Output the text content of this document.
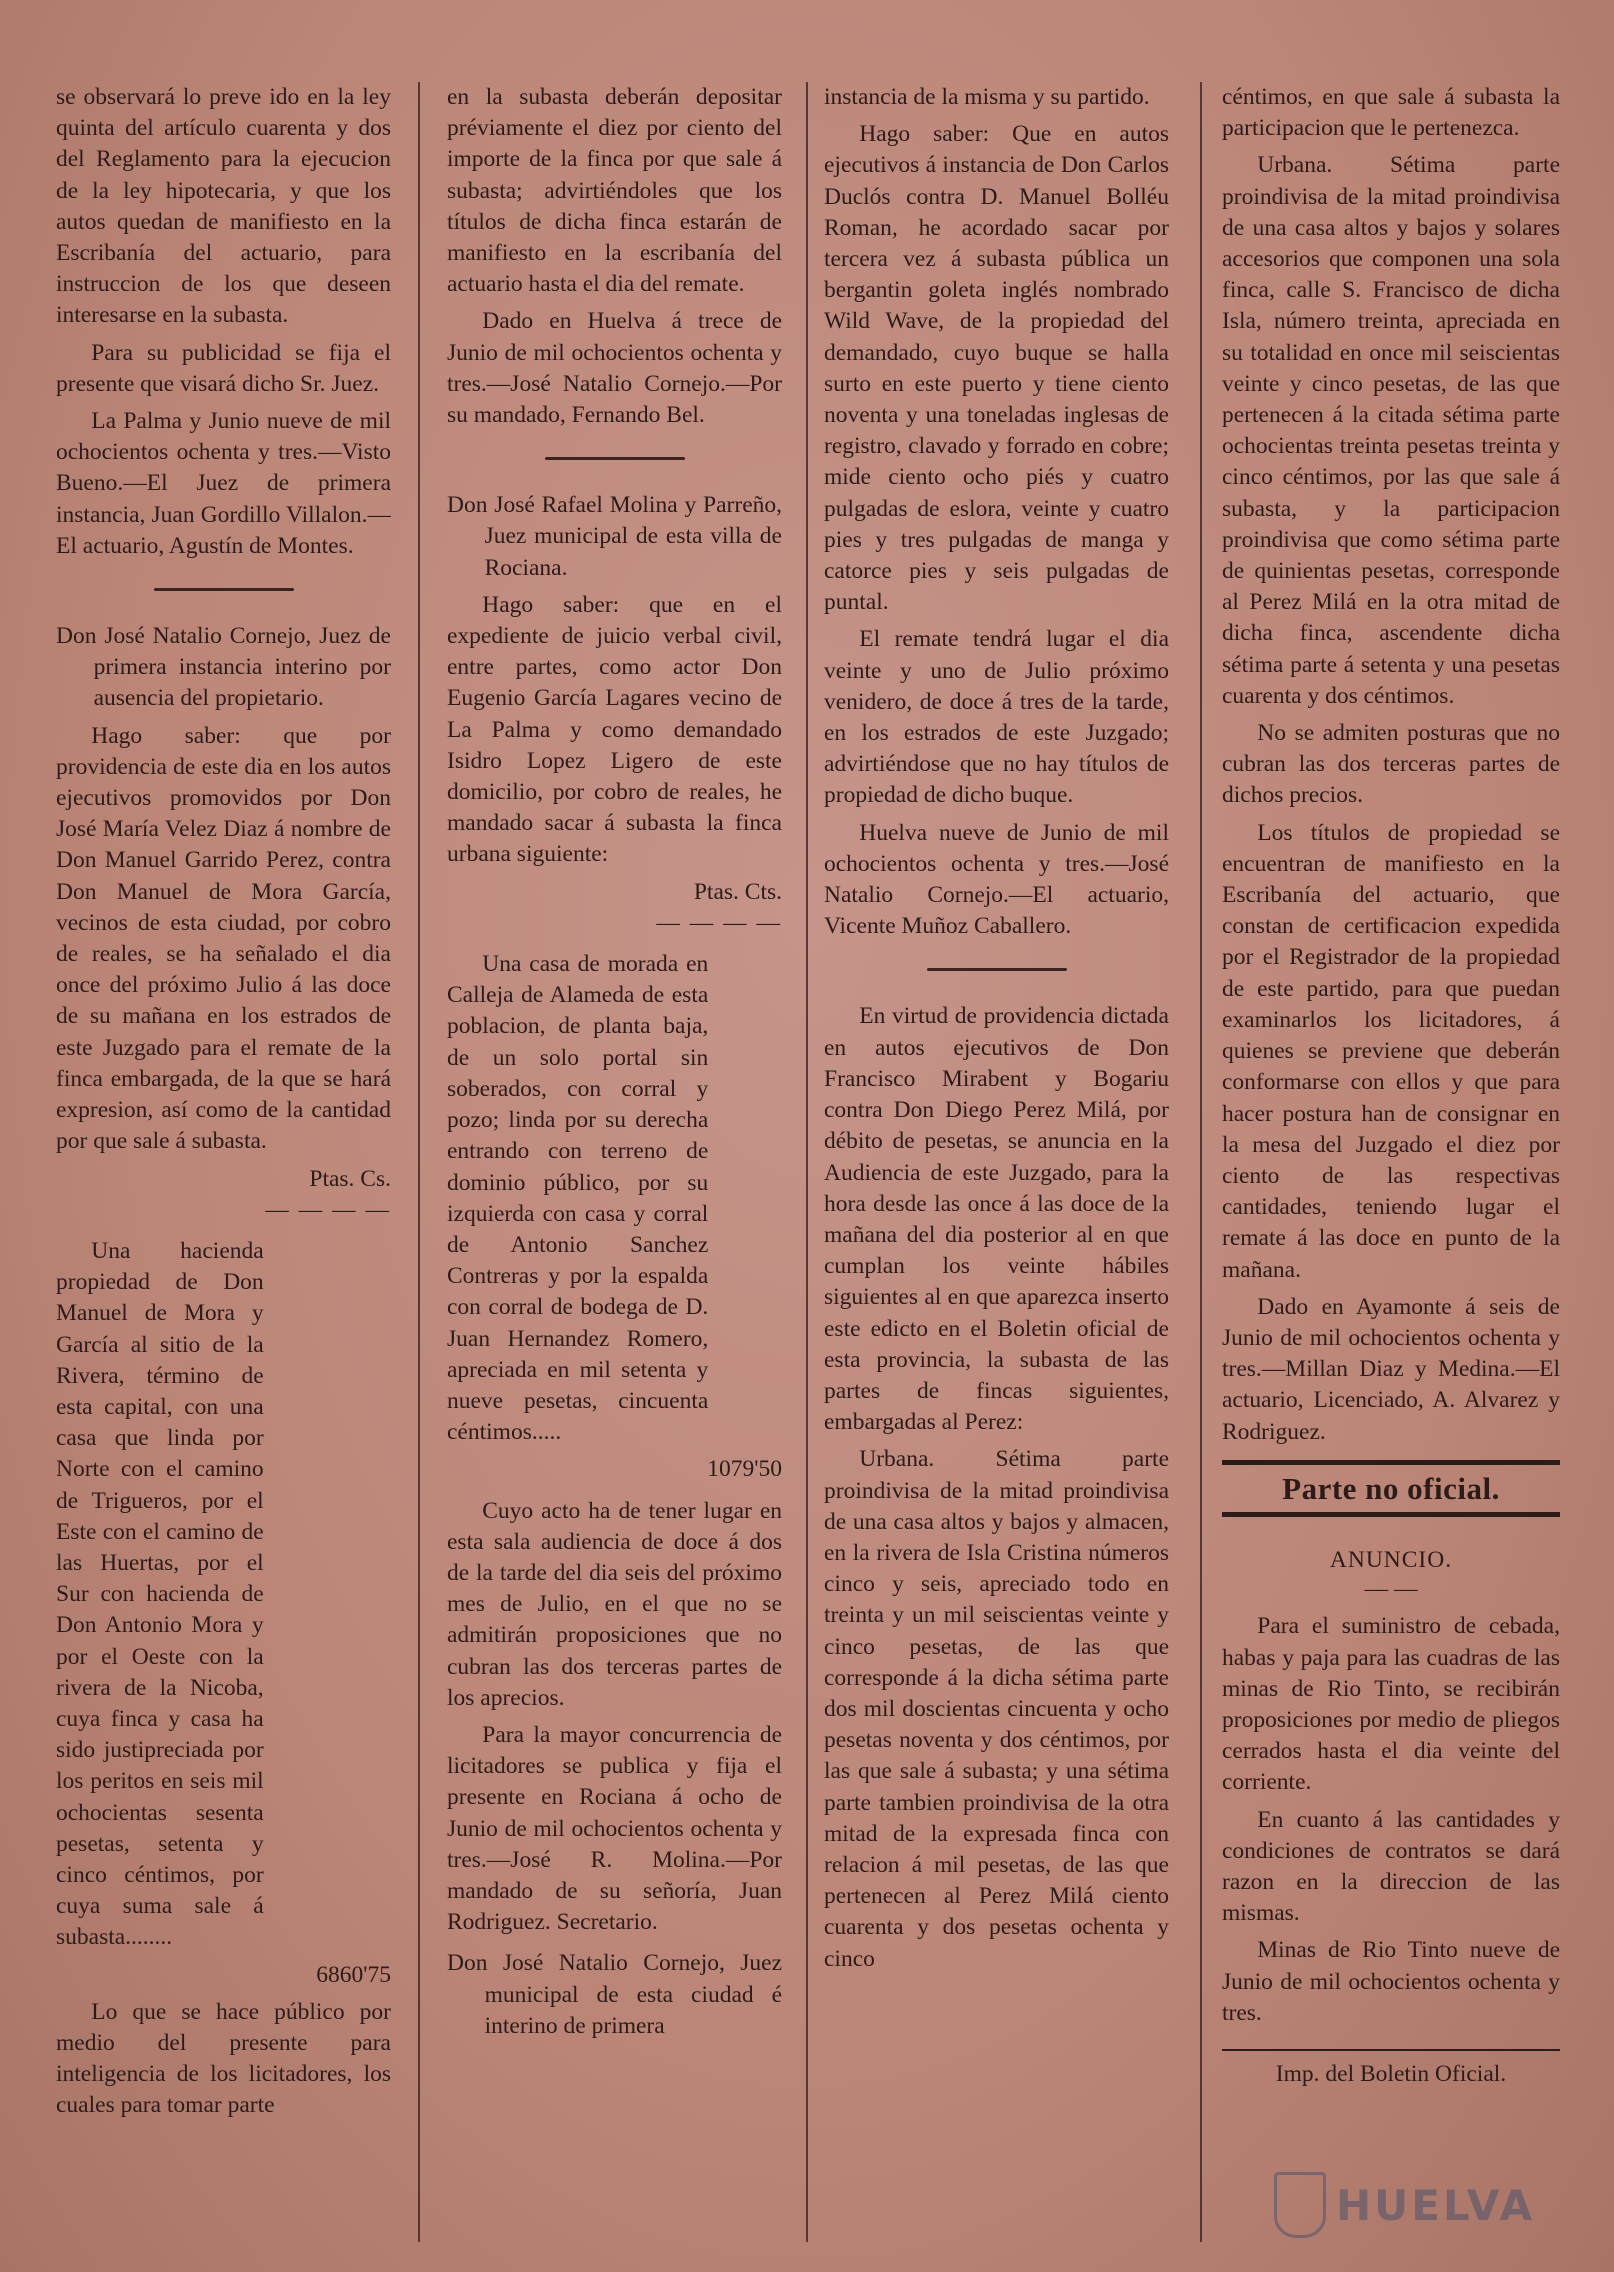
se observará lo preve ido en la ley quinta del artículo cuarenta y dos del Reglamento para la ejecucion de la ley hipotecaria, y que los autos quedan de manifiesto en la Escribanía del actuario, para instruccion de los que deseen interesarse en la subasta.

Para su publicidad se fija el presente que visará dicho Sr. Juez.

La Palma y Junio nueve de mil ochocientos ochenta y tres.—Visto Bueno.—El Juez de primera instancia, Juan Gordillo Villalon.—El actuario, Agustín de Montes.

Don José Natalio Cornejo, Juez de primera instancia interino por ausencia del propietario.

Hago saber: que por providencia de este dia en los autos ejecutivos promovidos por Don José María Velez Diaz á nombre de Don Manuel Garrido Perez, contra Don Manuel de Mora García, vecinos de esta ciudad, por cobro de reales, se ha señalado el dia once del próximo Julio á las doce de su mañana en los estrados de este Juzgado para el remate de la finca embargada, de la que se hará expresion, así como de la cantidad por que sale á subasta.

Ptas. Cs.

— — — —

Una hacienda propiedad de Don Manuel de Mora y García al sitio de la Rivera, término de esta capital, con una casa que linda por Norte con el camino de Trigueros, por el Este con el camino de las Huertas, por el Sur con hacienda de Don Antonio Mora y por el Oeste con la rivera de la Nicoba, cuya finca y casa ha sido justipreciada por los peritos en seis mil ochocientas sesenta pesetas, setenta y cinco céntimos, por cuya suma sale á subasta........

6860'75

Lo que se hace público por medio del presente para inteligencia de los licitadores, los cuales para tomar parte

en la subasta deberán depositar préviamente el diez por ciento del importe de la finca por que sale á subasta; advirtiéndoles que los títulos de dicha finca estarán de manifiesto en la escribanía del actuario hasta el dia del remate.

Dado en Huelva á trece de Junio de mil ochocientos ochenta y tres.—José Natalio Cornejo.—Por su mandado, Fernando Bel.

Don José Rafael Molina y Parreño, Juez municipal de esta villa de Rociana.

Hago saber: que en el expediente de juicio verbal civil, entre partes, como actor Don Eugenio García Lagares vecino de La Palma y como demandado Isidro Lopez Ligero de este domicilio, por cobro de reales, he mandado sacar á subasta la finca urbana siguiente:

Ptas. Cts.

— — — —

Una casa de morada en Calleja de Alameda de esta poblacion, de planta baja, de un solo portal sin soberados, con corral y pozo; linda por su derecha entrando con terreno de dominio público, por su izquierda con casa y corral de Antonio Sanchez Contreras y por la espalda con corral de bodega de D. Juan Hernandez Romero, apreciada en mil setenta y nueve pesetas, cincuenta céntimos.....

1079'50

Cuyo acto ha de tener lugar en esta sala audiencia de doce á dos de la tarde del dia seis del próximo mes de Julio, en el que no se admitirán proposiciones que no cubran las dos terceras partes de los aprecios.

Para la mayor concurrencia de licitadores se publica y fija el presente en Rociana á ocho de Junio de mil ochocientos ochenta y tres.—José R. Molina.—Por mandado de su señoría, Juan Rodriguez. Secretario.

Don José Natalio Cornejo, Juez municipal de esta ciudad é interino de primera

instancia de la misma y su partido.

Hago saber: Que en autos ejecutivos á instancia de Don Carlos Duclós contra D. Manuel Bolléu Roman, he acordado sacar por tercera vez á subasta pública un bergantin goleta inglés nombrado Wild Wave, de la propiedad del demandado, cuyo buque se halla surto en este puerto y tiene ciento noventa y una toneladas inglesas de registro, clavado y forrado en cobre; mide ciento ocho piés y cuatro pulgadas de eslora, veinte y cuatro pies y tres pulgadas de manga y catorce pies y seis pulgadas de puntal.

El remate tendrá lugar el dia veinte y uno de Julio próximo venidero, de doce á tres de la tarde, en los estrados de este Juzgado; advirtiéndose que no hay títulos de propiedad de dicho buque.

Huelva nueve de Junio de mil ochocientos ochenta y tres.—José Natalio Cornejo.—El actuario, Vicente Muñoz Caballero.

En virtud de providencia dictada en autos ejecutivos de Don Francisco Mirabent y Bogariu contra Don Diego Perez Milá, por débito de pesetas, se anuncia en la Audiencia de este Juzgado, para la hora desde las once á las doce de la mañana del dia posterior al en que cumplan los veinte hábiles siguientes al en que aparezca inserto este edicto en el Boletin oficial de esta provincia, la subasta de las partes de fincas siguientes, embargadas al Perez:

Urbana. Sétima parte proindivisa de la mitad proindivisa de una casa altos y bajos y almacen, en la rivera de Isla Cristina números cinco y seis, apreciado todo en treinta y un mil seiscientas veinte y cinco pesetas, de las que corresponde á la dicha sétima parte dos mil doscientas cincuenta y ocho pesetas noventa y dos céntimos, por las que sale á subasta; y una sétima parte tambien proindivisa de la otra mitad de la expresada finca con relacion á mil pesetas, de las que pertenecen al Perez Milá ciento cuarenta y dos pesetas ochenta y cinco

céntimos, en que sale á subasta la participacion que le pertenezca.

Urbana. Sétima parte proindivisa de la mitad proindivisa de una casa altos y bajos y solares accesorios que componen una sola finca, calle S. Francisco de dicha Isla, número treinta, apreciada en su totalidad en once mil seiscientas veinte y cinco pesetas, de las que pertenecen á la citada sétima parte ochocientas treinta pesetas treinta y cinco céntimos, por las que sale á subasta, y la participacion proindivisa que como sétima parte de quinientas pesetas, corresponde al Perez Milá en la otra mitad de dicha finca, ascendente dicha sétima parte á setenta y una pesetas cuarenta y dos céntimos.

No se admiten posturas que no cubran las dos terceras partes de dichos precios.

Los títulos de propiedad se encuentran de manifiesto en la Escribanía del actuario, que constan de certificacion expedida por el Registrador de la propiedad de este partido, para que puedan examinarlos los licitadores, á quienes se previene que deberán conformarse con ellos y que para hacer postura han de consignar en la mesa del Juzgado el diez por ciento de las respectivas cantidades, teniendo lugar el remate á las doce en punto de la mañana.

Dado en Ayamonte á seis de Junio de mil ochocientos ochenta y tres.—Millan Diaz y Medina.—El actuario, Licenciado, A. Alvarez y Rodriguez.

Parte no oficial.

ANUNCIO.

— —

Para el suministro de cebada, habas y paja para las cuadras de las minas de Rio Tinto, se recibirán proposiciones por medio de pliegos cerrados hasta el dia veinte del corriente.

En cuanto á las cantidades y condiciones de contratos se dará razon en la direccion de las mismas.

Minas de Rio Tinto nueve de Junio de mil ochocientos ochenta y tres.

Imp. del Boletin Oficial.

HUELVA
